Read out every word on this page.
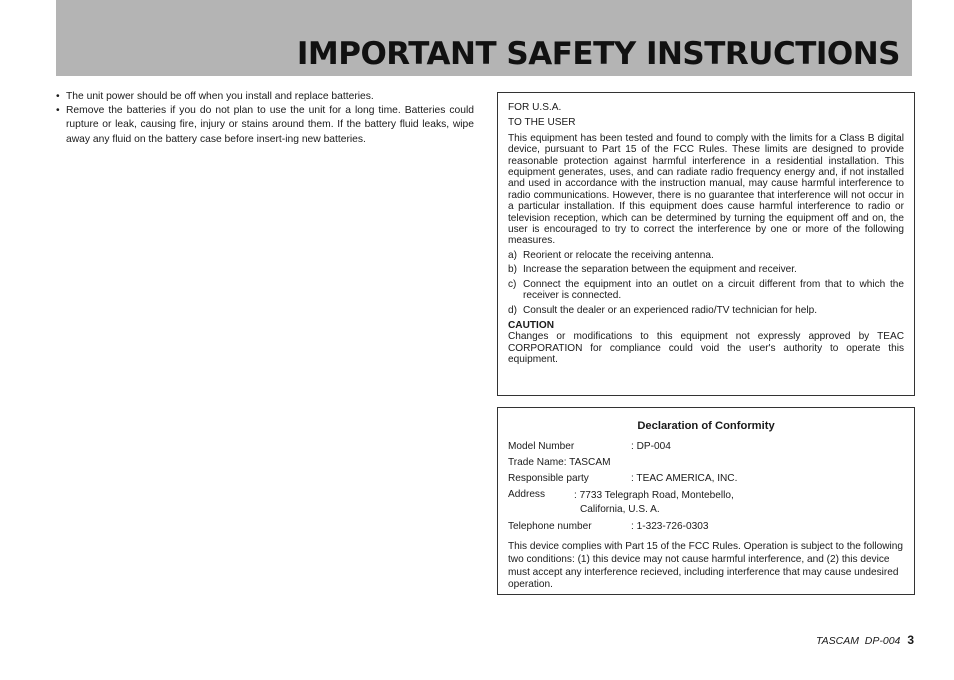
IMPORTANT SAFETY INSTRUCTIONS
• The unit power should be off when you install and replace batteries.
• Remove the batteries if you do not plan to use the unit for a long time. Batteries could rupture or leak, causing fire, injury or stains around them. If the battery fluid leaks, wipe away any fluid on the battery case before insert-ing new batteries.

FOR U.S.A.

TO THE USER

This equipment has been tested and found to comply with the limits for a Class B digital device, pursuant to Part 15 of the FCC Rules. These limits are designed to provide reasonable protection against harmful interference in a residential installation. This equipment generates, uses, and can radiate radio frequency energy and, if not installed and used in accordance with the instruction manual, may cause harmful interference to radio communications. However, there is no guarantee that interference will not occur in a particular installation. If this equipment does cause harmful interference to radio or television reception, which can be determined by turning the equipment off and on, the user is encouraged to try to correct the interference by one or more of the following measures.

a) Reorient or relocate the receiving antenna.
b) Increase the separation between the equipment and receiver.
c) Connect the equipment into an outlet on a circuit different from that to which the receiver is connected.
d) Consult the dealer or an experienced radio/TV technician for help.

CAUTION

Changes or modifications to this equipment not expressly approved by TEAC CORPORATION for compliance could void the user's authority to operate this equipment.

Declaration of Conformity
Model Number	: DP-004
Trade Name : TASCAM
Responsible party	: TEAC AMERICA, INC.
Address	: 7733 Telegraph Road, Montebello,
California, U.S. A.
Telephone number	: 1-323-726-0303
This device complies with Part 15 of the FCC Rules. Operation is subject to the following two conditions: (1) this device may not cause harmful interference, and (2) this device must accept any interference recieved, including interference that may cause undesired operation.
TASCAM  DP-004 3
